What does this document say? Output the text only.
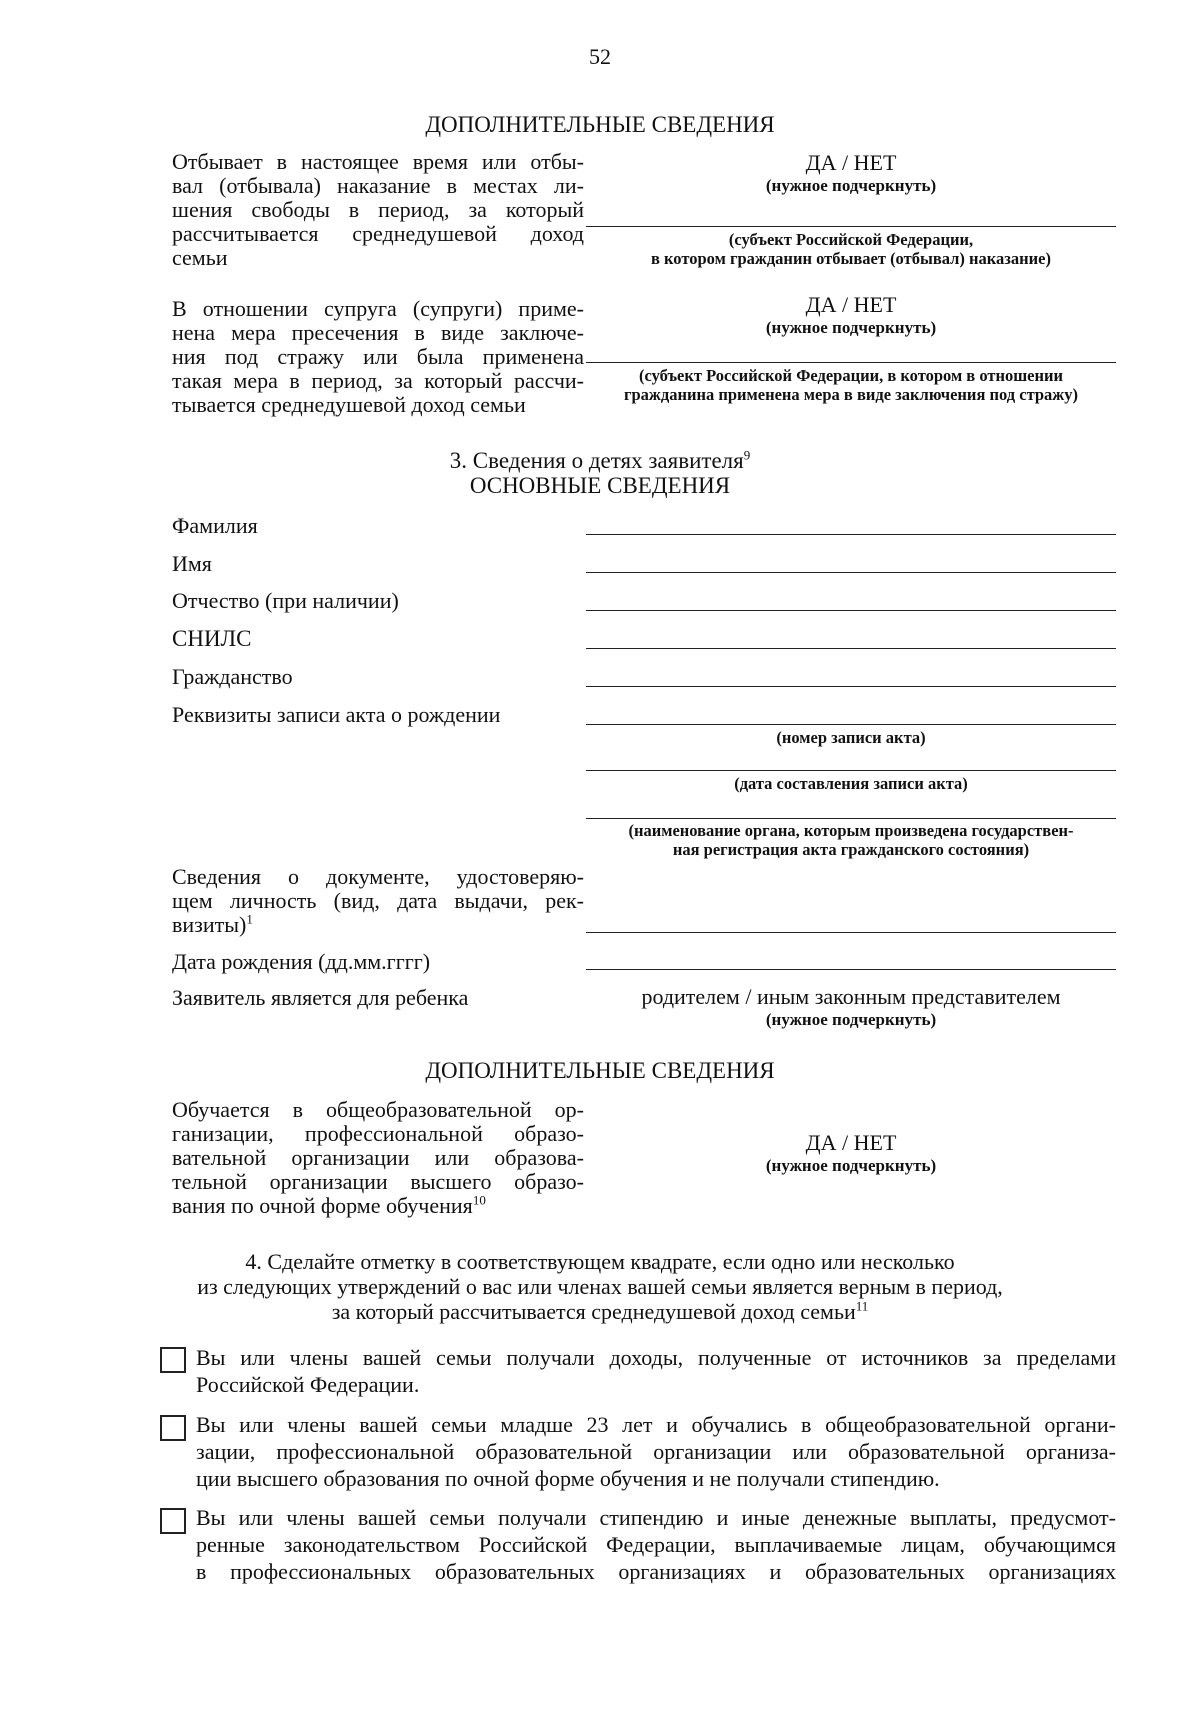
52
ДОПОЛНИТЕЛЬНЫЕ СВЕДЕНИЯ
Отбывает в настоящее время или отбы-
вал (отбывала) наказание в местах ли-
шения свободы в период, за который
рассчитывается среднедушевой доход
семьи
ДА / НЕТ
(нужное подчеркнуть)
(субъект Российской Федерации,
в котором гражданин отбывает (отбывал) наказание)
В отношении супруга (супруги) приме-
нена мера пресечения в виде заключе-
ния под стражу или была применена
такая мера в период, за который рассчи-
тывается среднедушевой доход семьи
ДА / НЕТ
(нужное подчеркнуть)
(субъект Российской Федерации, в котором в отношении
гражданина применена мера в виде заключения под стражу)
3. Сведения о детях заявителя$^9$
ОСНОВНЫЕ СВЕДЕНИЯ
Фамилия
Имя
Отчество (при наличии)
СНИЛС
Гражданство
Реквизиты записи акта о рождении
(номер записи акта)
(дата составления записи акта)
(наименование органа, которым произведена государствен-
ная регистрация акта гражданского состояния)
Сведения о документе, удостоверяю-
щем личность (вид, дата выдачи, рек-
визиты)$^1$
Дата рождения (дд.мм.гггг)
Заявитель является для ребенка	родителем / иным законным представителем
(нужное подчеркнуть)
ДОПОЛНИТЕЛЬНЫЕ СВЕДЕНИЯ
Обучается в общеобразовательной ор-
ганизации, профессиональной образо-
вательной организации или образова-
тельной организации высшего образо-
вания по очной форме обучения$^{10}$
ДА / НЕТ
(нужное подчеркнуть)
4. Сделайте отметку в соответствующем квадрате, если одно или несколько
из следующих утверждений о вас или членах вашей семьи является верным в период,
за который рассчитывается среднедушевой доход семьи$^{11}$
Вы или члены вашей семьи получали доходы, полученные от источников за пределами
Российской Федерации.
Вы или члены вашей семьи младше 23 лет и обучались в общеобразовательной органи-
зации, профессиональной образовательной организации или образовательной организа-
ции высшего образования по очной форме обучения и не получали стипендию.
Вы или члены вашей семьи получали стипендию и иные денежные выплаты, предусмот-
ренные законодательством Российской Федерации, выплачиваемые лицам, обучающимся
в профессиональных образовательных организациях и образовательных организациях
